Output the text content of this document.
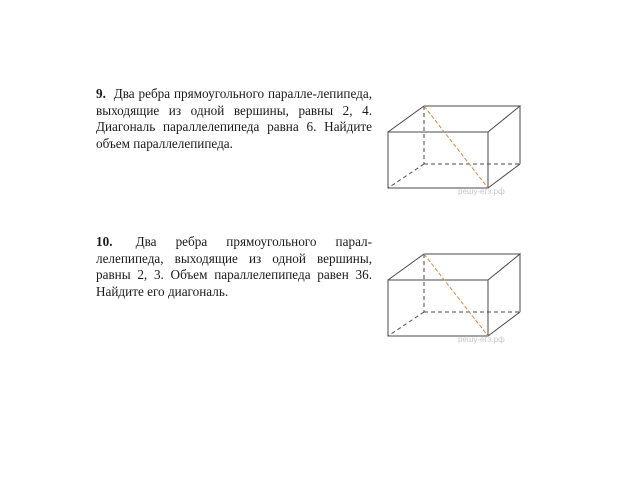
9. Два ребра прямоугольного паралле-лепипеда, выходящие из одной вершины, равны 2, 4. Диагональ параллелепипеда равна 6. Найдите объем параллелепипеда.
решу-егэ.рф
10. Два ребра прямоугольного парал-лелепипеда, выходящие из одной вершины, равны 2, 3. Объем параллелепипеда равен 36. Найдите его диагональ.
решу-егэ.рф
